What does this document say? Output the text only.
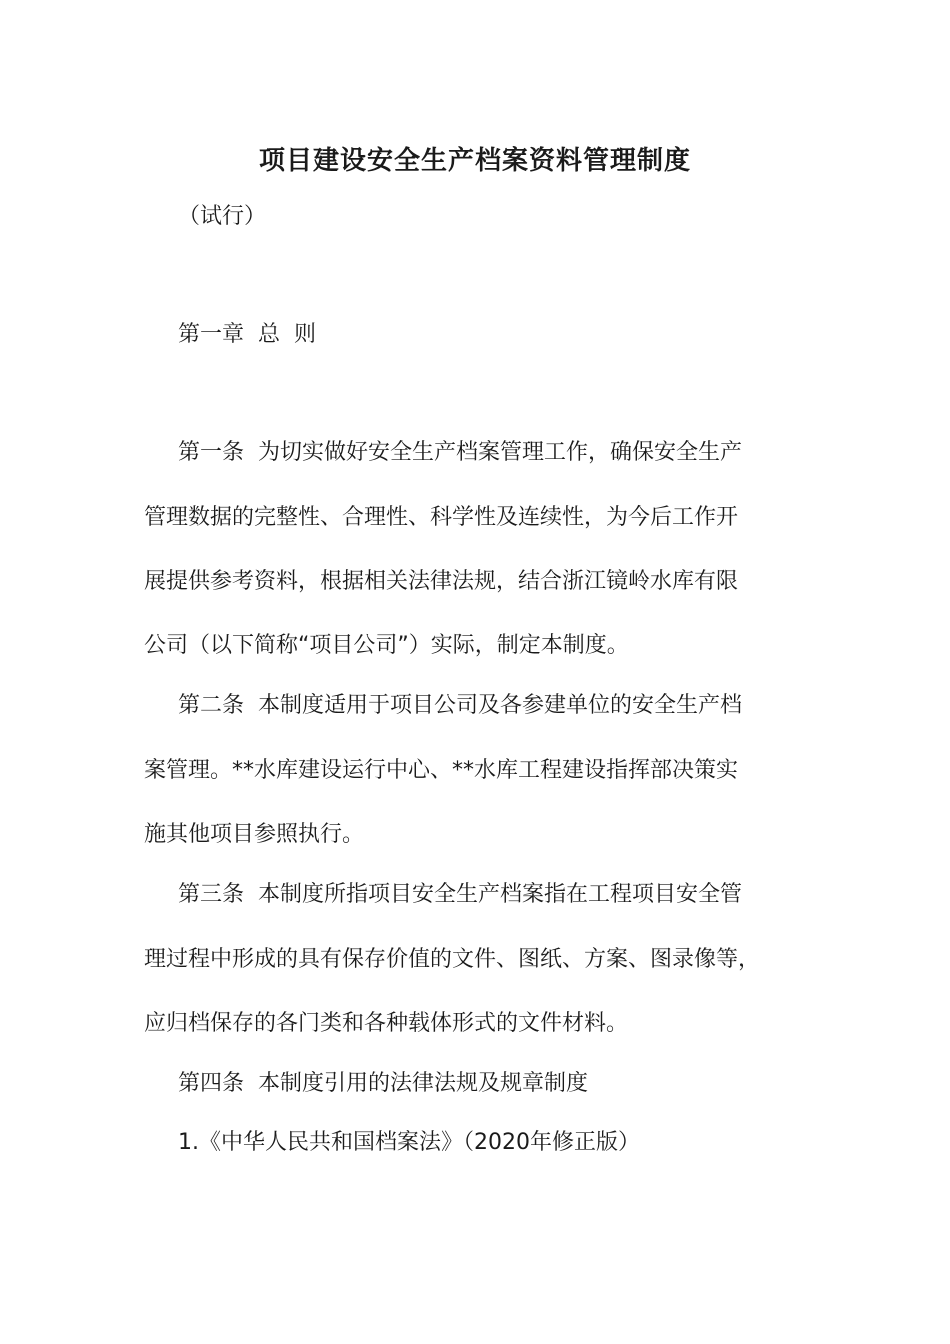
项目建设安全生产档案资料管理制度
（试行）
第一章 总 则
第一条 为切实做好安全生产档案管理工作，确保安全生产
管理数据的完整性、合理性、科学性及连续性，为今后工作开
展提供参考资料，根据相关法律法规，结合浙江镜岭水库有限
公司（以下简称“项目公司”）实际，制定本制度。
第二条 本制度适用于项目公司及各参建单位的安全生产档
案管理。**水库建设运行中心、**水库工程建设指挥部决策实
施其他项目参照执行。
第三条 本制度所指项目安全生产档案指在工程项目安全管
理过程中形成的具有保存价值的文件、图纸、方案、图录像等，
应归档保存的各门类和各种载体形式的文件材料。
第四条 本制度引用的法律法规及规章制度
1.《中华人民共和国档案法》（2020年修正版）
